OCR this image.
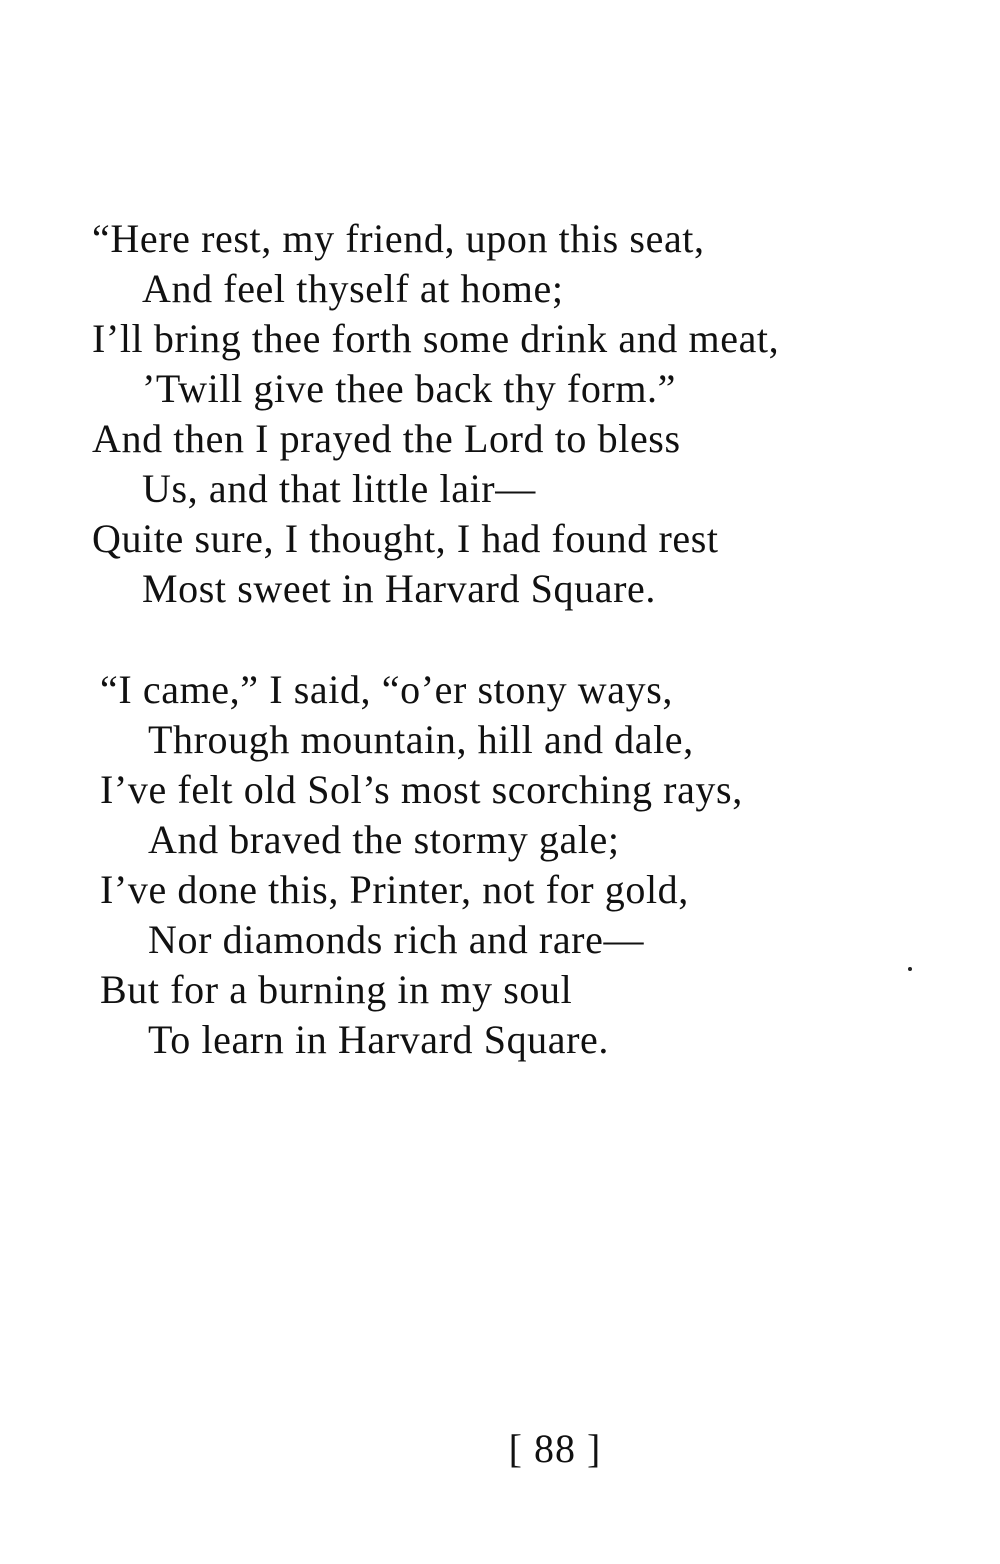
“Here rest, my friend, upon this seat,
And feel thyself at home;
I’ll bring thee forth some drink and meat,
’Twill give thee back thy form.”
And then I prayed the Lord to bless
Us, and that little lair—
Quite sure, I thought, I had found rest
Most sweet in Harvard Square.
“I came,” I said, “o’er stony ways,
Through mountain, hill and dale,
I’ve felt old Sol’s most scorching rays,
And braved the stormy gale;
I’ve done this, Printer, not for gold,
Nor diamonds rich and rare—
But for a burning in my soul
To learn in Harvard Square.
[ 88 ]
